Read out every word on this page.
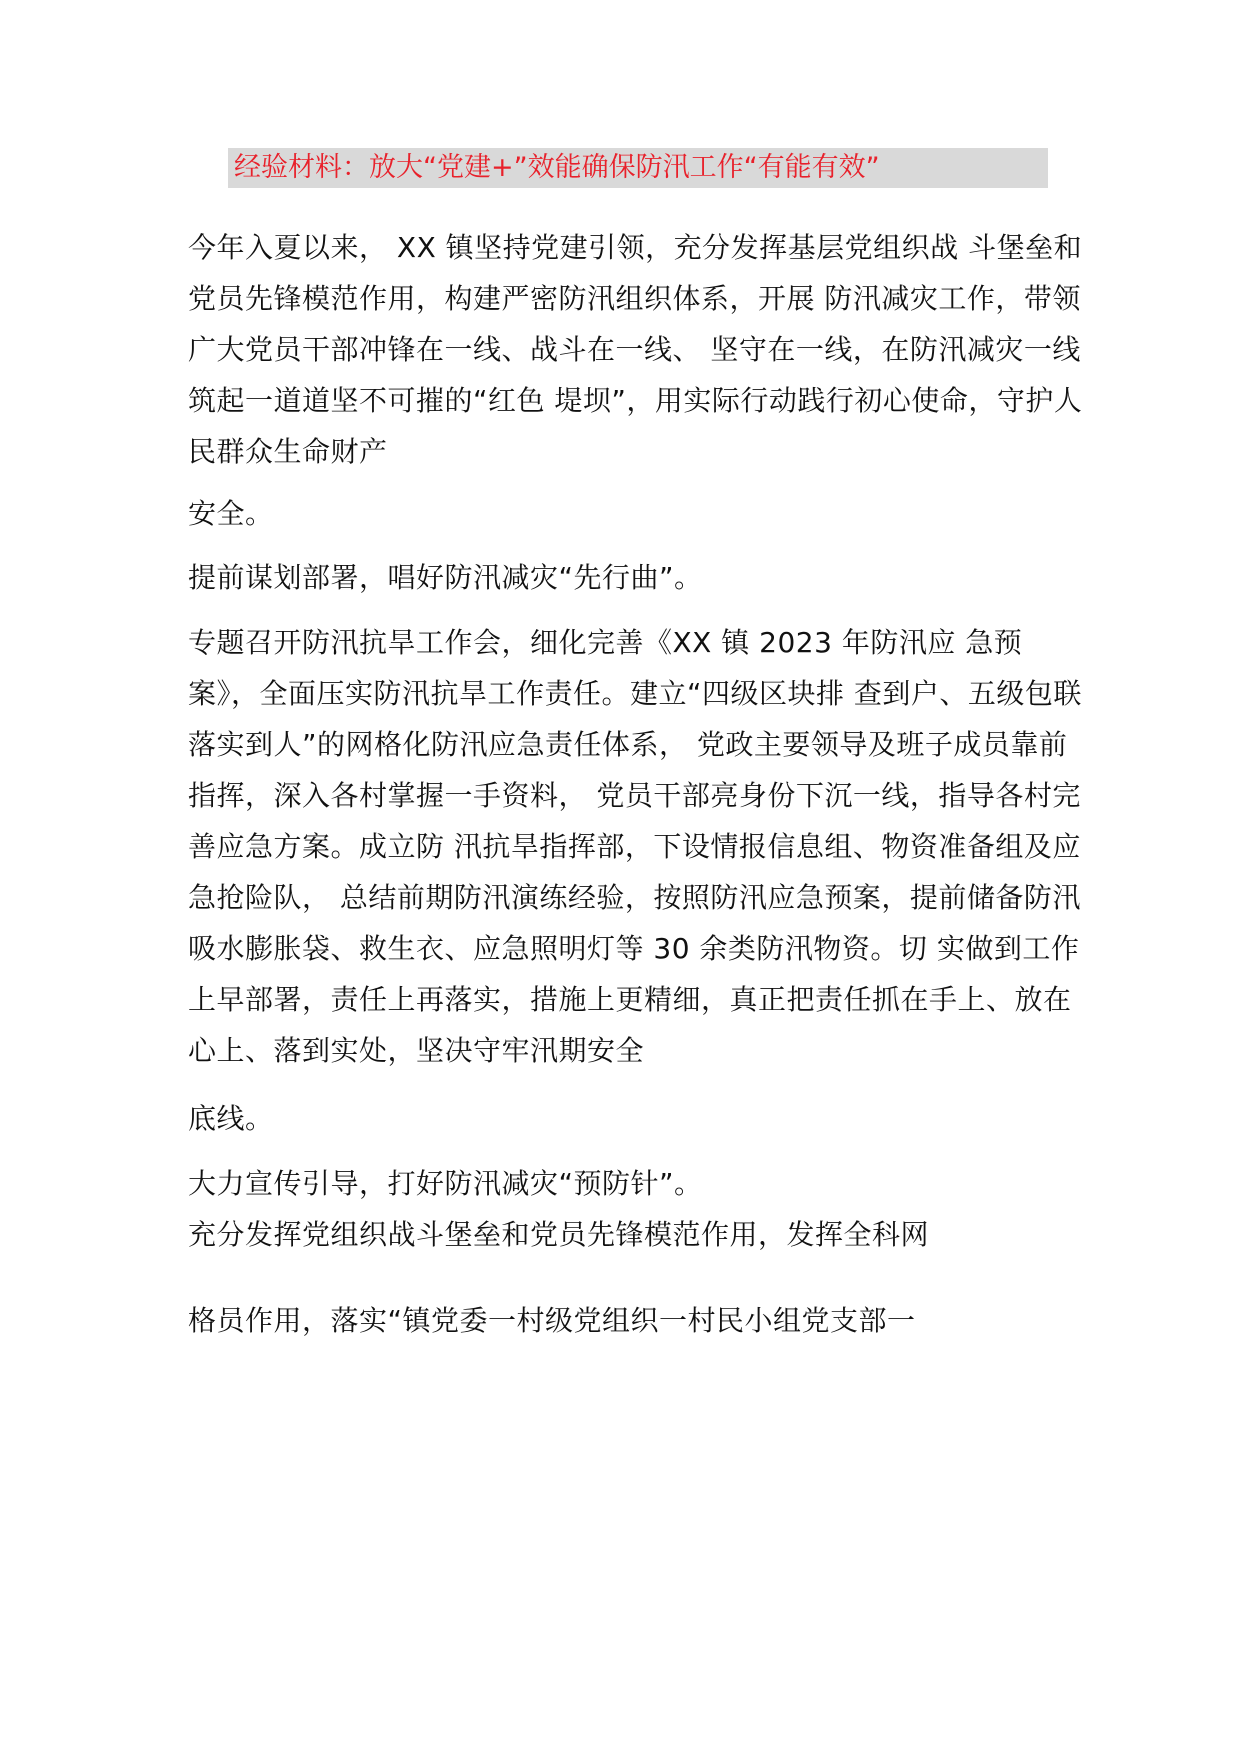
经验材料：放大“党建+”效能确保防汛工作“有能有效”

今年入夏以来， XX 镇坚持党建引领，充分发挥基层党组织战 斗堡垒和党员先锋模范作用，构建严密防汛组织体系，开展 防汛减灾工作，带领广大党员干部冲锋在一线、战斗在一线、 坚守在一线，在防汛减灾一线筑起一道道坚不可摧的“红色 堤坝”，用实际行动践行初心使命，守护人民群众生命财产

安全。

提前谋划部署，唱好防汛减灾“先行曲”。

专题召开防汛抗旱工作会，细化完善《XX 镇 2023 年防汛应 急预案》，全面压实防汛抗旱工作责任。建立“四级区块排 查到户、五级包联落实到人”的网格化防汛应急责任体系， 党政主要领导及班子成员靠前指挥，深入各村掌握一手资料， 党员干部亮身份下沉一线，指导各村完善应急方案。成立防 汛抗旱指挥部，下设情报信息组、物资准备组及应急抢险队， 总结前期防汛演练经验，按照防汛应急预案，提前储备防汛 吸水膨胀袋、救生衣、应急照明灯等 30 余类防汛物资。切 实做到工作上早部署，责任上再落实，措施上更精细，真正把责任抓在手上、放在心上、落到实处，坚决守牢汛期安全

底线。

大力宣传引导，打好防汛减灾“预防针”。

充分发挥党组织战斗堡垒和党员先锋模范作用，发挥全科网

格员作用，落实“镇党委一村级党组织一村民小组党支部一
